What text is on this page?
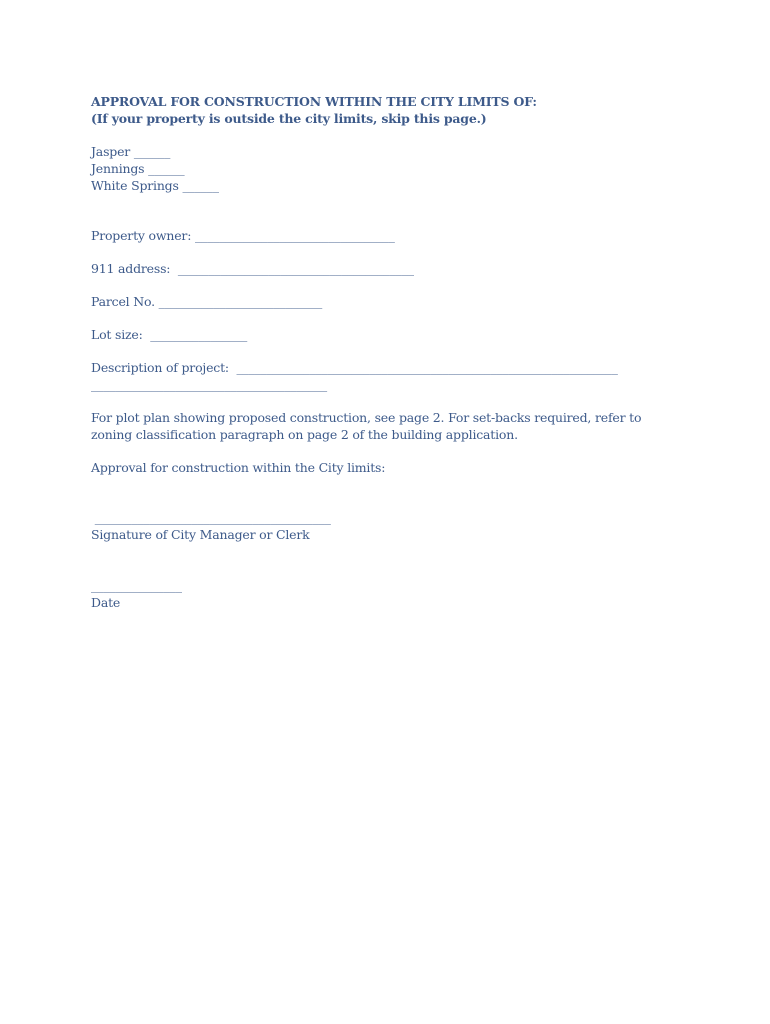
APPROVAL FOR CONSTRUCTION WITHIN THE CITY LIMITS OF:

(If your property is outside the city limits, skip this page.)

Jasper ______

Jennings ______

White Springs ______

Property owner: _________________________________

911 address: _______________________________________

Parcel No. ___________________________

Lot size: ________________

Description of project: _______________________________________________________________

_______________________________________

For plot plan showing proposed construction, see page 2. For set-backs required, refer to zoning classification paragraph on page 2 of the building application.

Approval for construction within the City limits:

_______________________________________

Signature of City Manager or Clerk

_______________

Date
